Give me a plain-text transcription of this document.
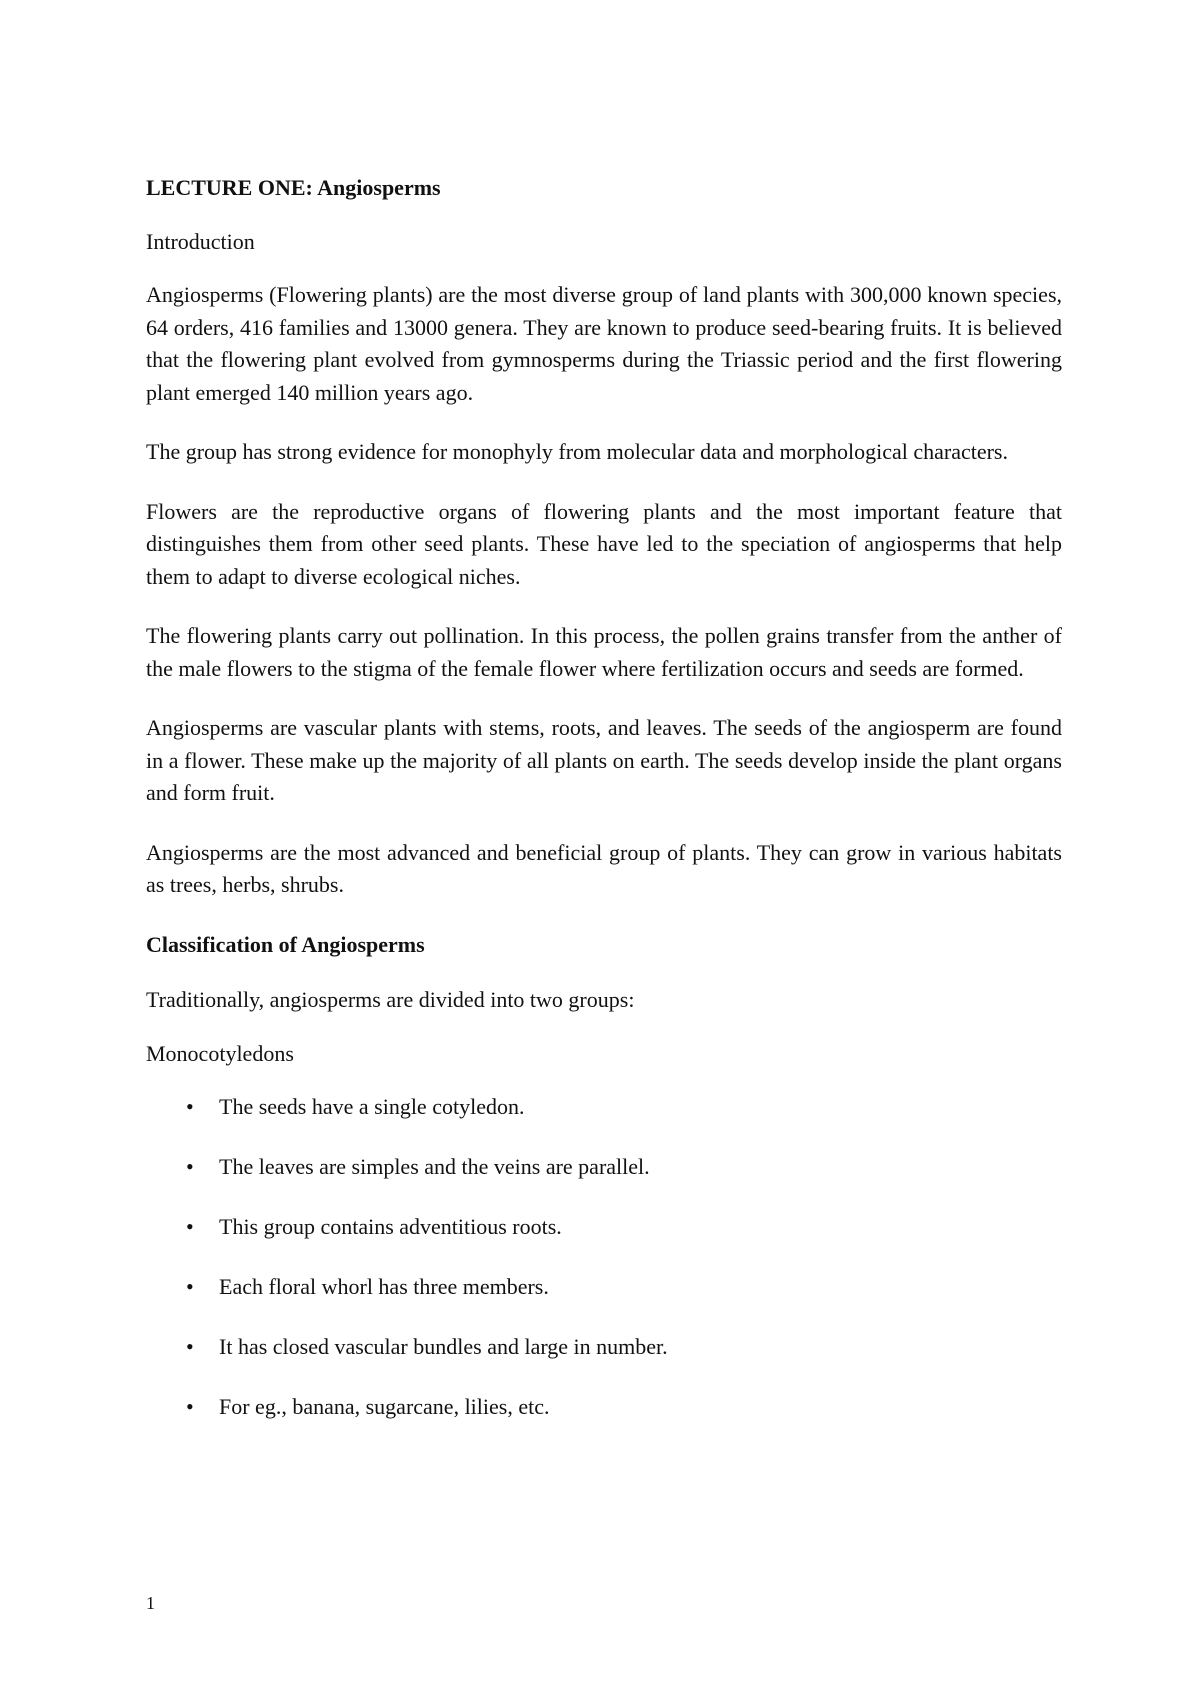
LECTURE ONE: Angiosperms

Introduction

Angiosperms (Flowering plants) are the most diverse group of land plants with 300,000 known species, 64 orders, 416 families and 13000 genera. They are known to produce seed-bearing fruits. It is believed that the flowering plant evolved from gymnosperms during the Triassic period and the first flowering plant emerged 140 million years ago.

The group has strong evidence for monophyly from molecular data and morphological characters.

Flowers are the reproductive organs of flowering plants and the most important feature that distinguishes them from other seed plants. These have led to the speciation of angiosperms that help them to adapt to diverse ecological niches.

The flowering plants carry out pollination. In this process, the pollen grains transfer from the anther of the male flowers to the stigma of the female flower where fertilization occurs and seeds are formed.

Angiosperms are vascular plants with stems, roots, and leaves. The seeds of the angiosperm are found in a flower. These make up the majority of all plants on earth. The seeds develop inside the plant organs and form fruit.

Angiosperms are the most advanced and beneficial group of plants. They can grow in various habitats as trees, herbs, shrubs.

Classification of Angiosperms

Traditionally, angiosperms are divided into two groups:

Monocotyledons

• The seeds have a single cotyledon.
• The leaves are simples and the veins are parallel.
• This group contains adventitious roots.
• Each floral whorl has three members.
• It has closed vascular bundles and large in number.
• For eg., banana, sugarcane, lilies, etc.
1
